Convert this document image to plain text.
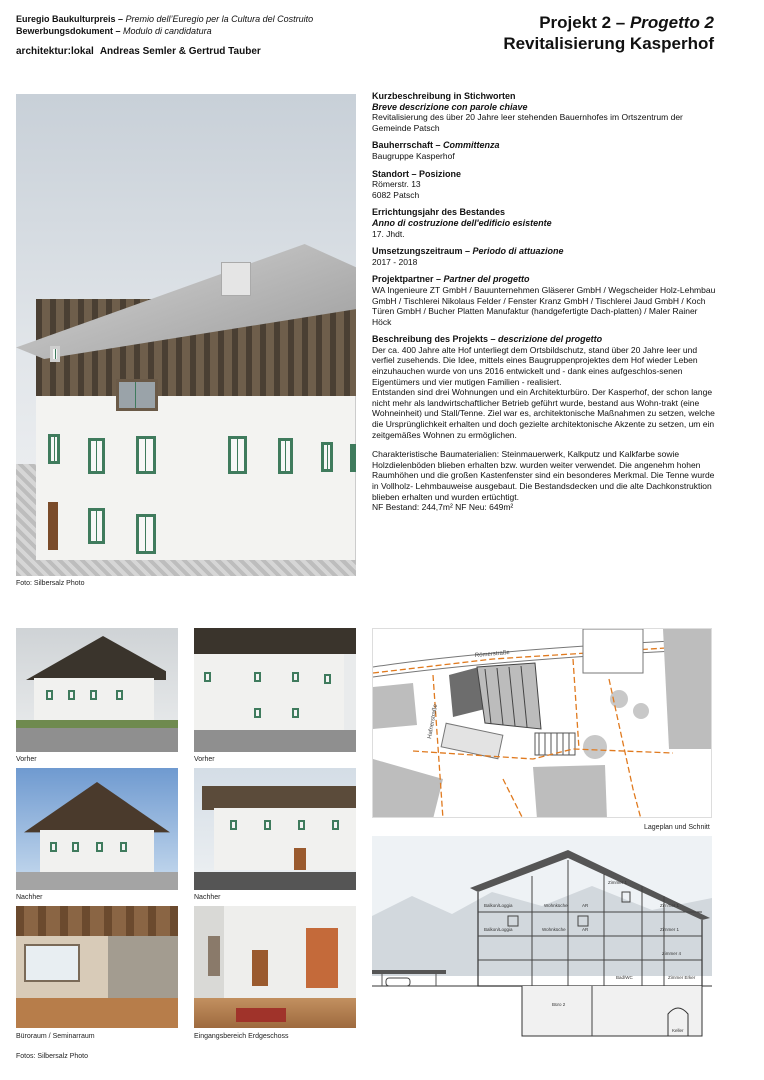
Euregio Baukulturpreis – Premio dell’Euregio per la Cultura del Costruito
Bewerbungsdokument – Modulo di candidatura
architektur:lokal Andreas Semler & Gertrud Tauber
Projekt 2 – Progetto 2
Revitalisierung Kasperhof
Foto: Silbersalz Photo
Kurzbeschreibung in Stichworten
Breve descrizione con parole chiave

Revitalisierung des über 20 Jahre leer stehenden Bauernhofes im Ortszentrum der Gemeinde Patsch

Bauherrschaft – Committenza

Baugruppe Kasperhof

Standort – Posizione

Römerstr. 13

6082 Patsch

Errichtungsjahr des Bestandes
Anno di costruzione dell'edificio esistente

17. Jhdt.

Umsetzungszeitraum – Periodo di attuazione

2017 - 2018

Projektpartner – Partner del progetto

WA Ingenieure ZT GmbH / Bauunternehmen Gläserer GmbH / Wegscheider Holz-Lehmbau GmbH / Tischlerei Nikolaus Felder / Fenster Kranz GmbH / Tischlerei Jaud GmbH / Koch Türen GmbH / Bucher Platten Manufaktur (handgefertigte Dach-platten) / Maler Rainer Höck

Beschreibung des Projekts – descrizione del progetto

Der ca. 400 Jahre alte Hof unterliegt dem Ortsbildschutz, stand über 20 Jahre leer und verfiel zusehends. Die Idee, mittels eines Baugruppenprojektes dem Hof wieder Leben einzuhauchen wurde von uns 2016 entwickelt und - dank eines aufgeschlos-senen Eigentümers und vier mutigen Familien - realisiert.

Entstanden sind drei Wohnungen und ein Architekturbüro. Der Kasperhof, der schon lange nicht mehr als landwirtschaftlicher Betrieb geführt wurde, bestand aus Wohn-trakt (eine Wohneinheit) und Stall/Tenne. Ziel war es, architektonische Maßnahmen zu setzen, welche die Ursprünglichkeit erhalten und doch gezielte architektonische Akzente zu setzen, um ein zeitgemäßes Wohnen zu ermöglichen.

Charakteristische Baumaterialien: Steinmauerwerk, Kalkputz und Kalkfarbe sowie Holzdielenböden blieben erhalten bzw. wurden weiter verwendet. Die angenehm hohen Raumhöhen und die großen Kastenfenster sind ein besonderes Merkmal. Die Tenne wurde in Vollholz- Lehmbauweise ausgebaut. Die Bestandsdecken und die alte Dachkonstruktion blieben erhalten und wurden ertüchtigt.

NF Bestand: 244,7m² NF Neu: 649m²

Vorher	Vorher
Nachher	Nachher
Büroraum / Seminarraum	Eingangsbereich Erdgeschoss
Fotos: Silbersalz Photo
Römerstraße
Hafnerstraße
Lageplan und Schnitt
Zimmer 1
Wohnküche	AR	Zimmer 1
Balkon/Loggia
Wohnküche	AR	Zimmer 1
Balkon/Loggia
Zimmer 4
Zimmer Erker
Bad/WC
Büro 2
Keller
